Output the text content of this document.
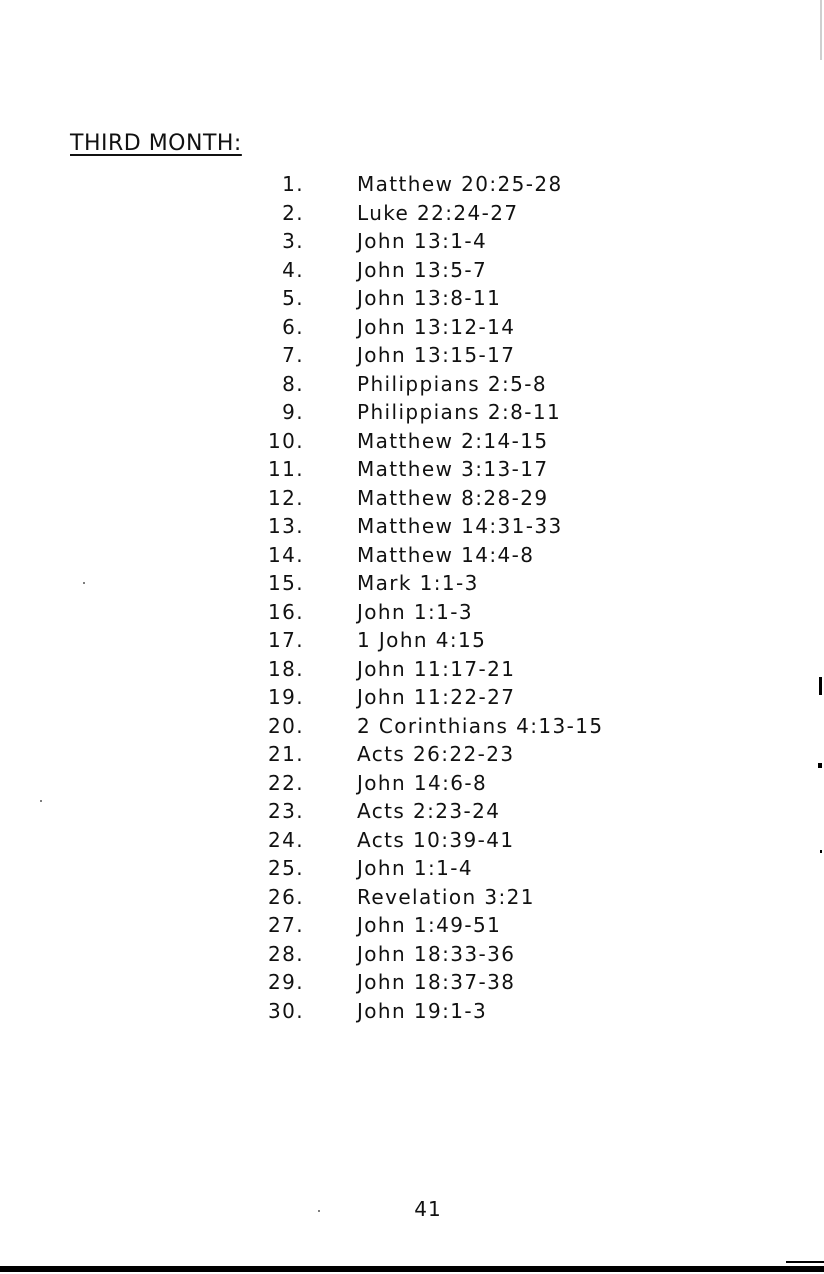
THIRD MONTH:
1.	Matthew 20:25-28
2.	Luke 22:24-27
3.	John 13:1-4
4.	John 13:5-7
5.	John 13:8-11
6.	John 13:12-14
7.	John 13:15-17
8.	Philippians 2:5-8
9.	Philippians 2:8-11
10.	Matthew 2:14-15
11.	Matthew 3:13-17
12.	Matthew 8:28-29
13.	Matthew 14:31-33
14.	Matthew 14:4-8
15.	Mark 1:1-3
16.	John 1:1-3
17.	1 John 4:15
18.	John 11:17-21
19.	John 11:22-27
20.	2 Corinthians 4:13-15
21.	Acts 26:22-23
22.	John 14:6-8
23.	Acts 2:23-24
24.	Acts 10:39-41
25.	John 1:1-4
26.	Revelation 3:21
27.	John 1:49-51
28.	John 18:33-36
29.	John 18:37-38
30.	John 19:1-3
41
